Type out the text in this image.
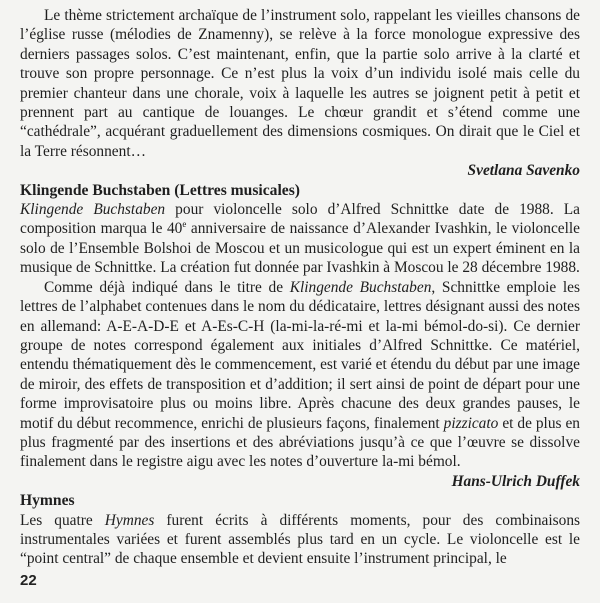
Le thème strictement archaïque de l’instrument solo, rappelant les vieilles chansons de l’église russe (mélodies de Znamenny), se relève à la force monologue expressive des derniers passages solos. C’est maintenant, enfin, que la partie solo arrive à la clarté et trouve son propre personnage. Ce n’est plus la voix d’un individu isolé mais celle du premier chanteur dans une chorale, voix à laquelle les autres se joignent petit à petit et prennent part au cantique de louanges. Le chœur grandit et s’étend comme une “cathédrale”, acquérant graduellement des dimensions cosmiques. On dirait que le Ciel et la Terre résonnent…

Svetlana Savenko
Klingende Buchstaben (Lettres musicales)

Klingende Buchstaben pour violoncelle solo d’Alfred Schnittke date de 1988. La composition marqua le 40e anniversaire de naissance d’Alexander Ivashkin, le violoncelle solo de l’Ensemble Bolshoi de Moscou et un musicologue qui est un expert éminent en la musique de Schnittke. La création fut donnée par Ivashkin à Moscou le 28 décembre 1988.

Comme déjà indiqué dans le titre de Klingende Buchstaben, Schnittke emploie les lettres de l’alphabet contenues dans le nom du dédicataire, lettres désignant aussi des notes en allemand: A-E-A-D-E et A-Es-C-H (la-mi-la-ré-mi et la-mi bémol-do-si). Ce dernier groupe de notes correspond également aux initiales d’Alfred Schnittke. Ce matériel, entendu thématiquement dès le commencement, est varié et étendu du début par une image de miroir, des effets de transposition et d’addition; il sert ainsi de point de départ pour une forme improvisatoire plus ou moins libre. Après chacune des deux grandes pauses, le motif du début recommence, enrichi de plusieurs façons, finalement pizzicato et de plus en plus fragmenté par des insertions et des abréviations jusqu’à ce que l’œuvre se dissolve finalement dans le registre aigu avec les notes d’ouverture la-mi bémol.

Hans-Ulrich Duffek
Hymnes

Les quatre Hymnes furent écrits à différents moments, pour des combinaisons instrumentales variées et furent assemblés plus tard en un cycle. Le violoncelle est le “point central” de chaque ensemble et devient ensuite l’instrument principal, le

22
